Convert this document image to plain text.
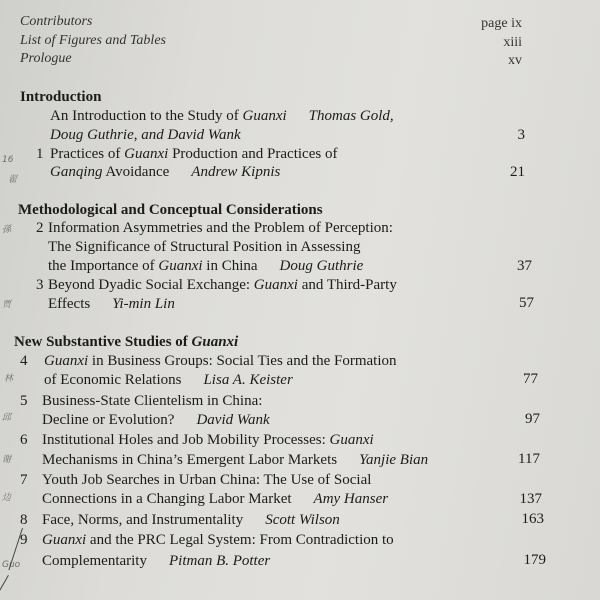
Contributors	page ix
List of Figures and Tables	xiii
Prologue	xv
Introduction
An Introduction to the Study of Guanxi Thomas Gold,
Doug Guthrie, and David Wank	3
1 Practices of Guanxi Production and Practices of
Ganqing Avoidance Andrew Kipnis	21
Methodological and Conceptual Considerations
2 Information Asymmetries and the Problem of Perception:
The Significance of Structural Position in Assessing
the Importance of Guanxi in China Doug Guthrie	37
3 Beyond Dyadic Social Exchange: Guanxi and Third-Party
Effects Yi-min Lin	57
New Substantive Studies of Guanxi
4 Guanxi in Business Groups: Social Ties and the Formation
of Economic Relations Lisa A. Keister	77
5 Business-State Clientelism in China:
Decline or Evolution? David Wank	97
6 Institutional Holes and Job Mobility Processes: Guanxi
Mechanisms in China’s Emergent Labor Markets Yanjie Bian	117
7 Youth Job Searches in Urban China: The Use of Social
Connections in a Changing Labor Market Amy Hanser	137
8 Face, Norms, and Instrumentality Scott Wilson	163
9 Guanxi and the PRC Legal System: From Contradiction to
Complementarity Pitman B. Potter	179
16
翟
孫
贾
林
邱
谢
边
Guo
